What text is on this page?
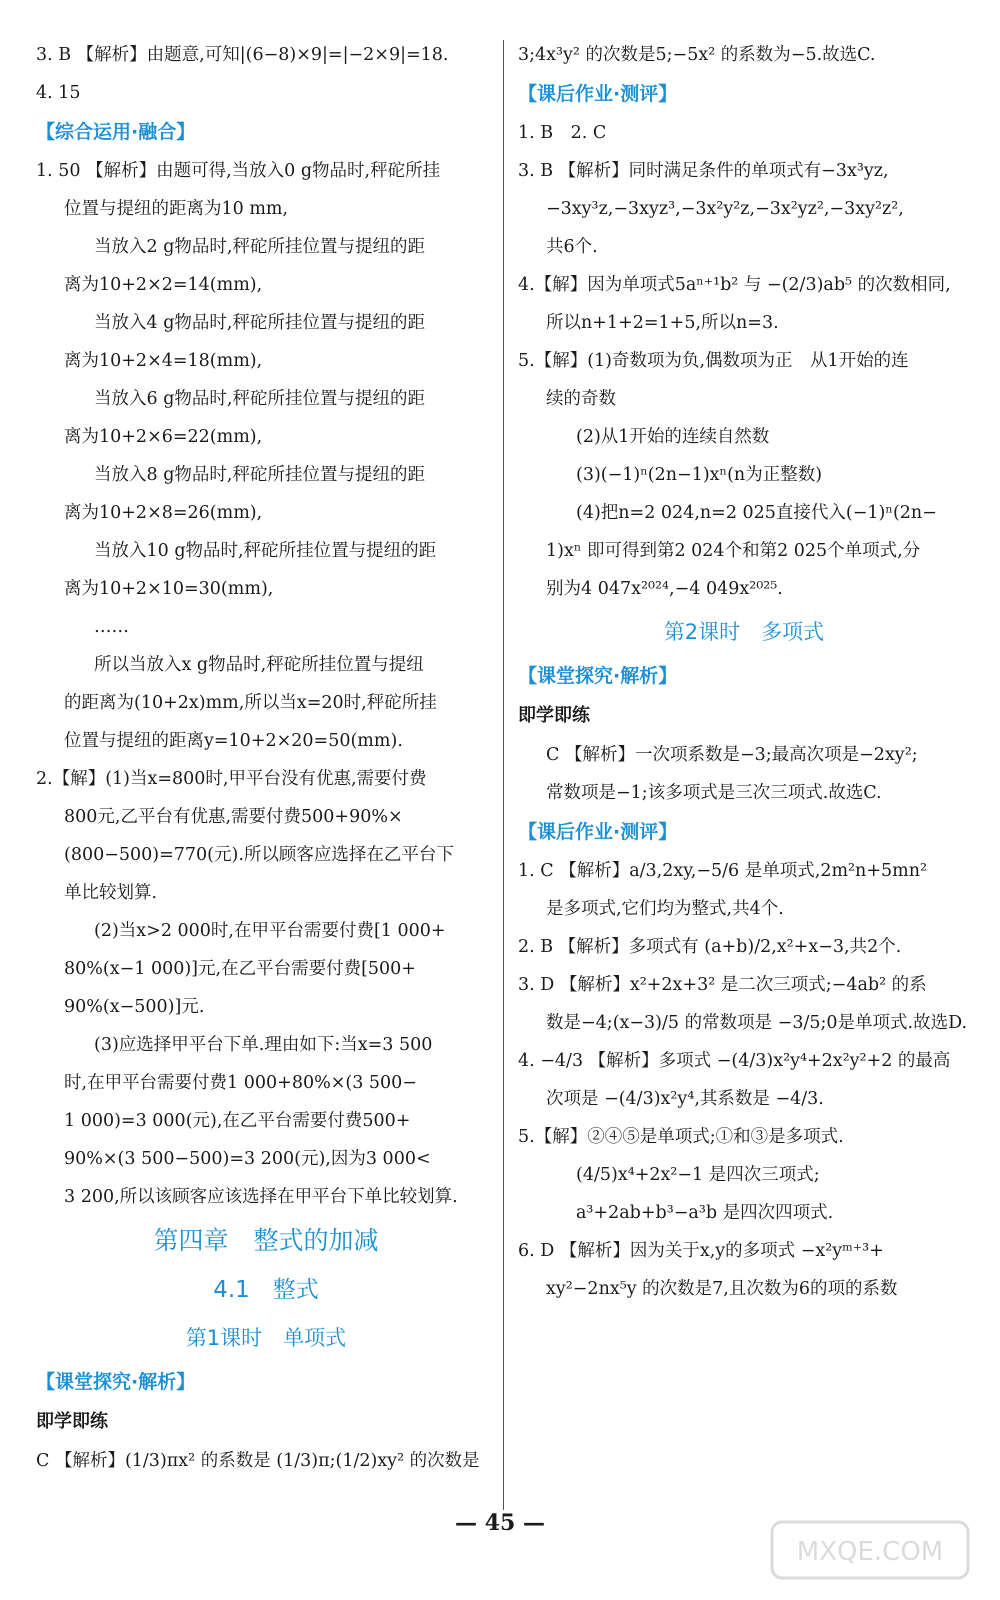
3. B 【解析】由题意,可知|(6−8)×9|=|−2×9|=18.
4. 15
【综合运用·融合】
1. 50 【解析】由题可得,当放入0 g物品时,秤砣所挂
位置与提纽的距离为10 mm,
当放入2 g物品时,秤砣所挂位置与提纽的距
离为10+2×2=14(mm),
当放入4 g物品时,秤砣所挂位置与提纽的距
离为10+2×4=18(mm),
当放入6 g物品时,秤砣所挂位置与提纽的距
离为10+2×6=22(mm),
当放入8 g物品时,秤砣所挂位置与提纽的距
离为10+2×8=26(mm),
当放入10 g物品时,秤砣所挂位置与提纽的距
离为10+2×10=30(mm),
……
所以当放入x g物品时,秤砣所挂位置与提纽
的距离为(10+2x)mm,所以当x=20时,秤砣所挂
位置与提纽的距离y=10+2×20=50(mm).
2.【解】(1)当x=800时,甲平台没有优惠,需要付费
800元,乙平台有优惠,需要付费500+90%×
(800−500)=770(元).所以顾客应选择在乙平台下
单比较划算.
(2)当x>2 000时,在甲平台需要付费[1 000+
80%(x−1 000)]元,在乙平台需要付费[500+
90%(x−500)]元.
(3)应选择甲平台下单.理由如下:当x=3 500
时,在甲平台需要付费1 000+80%×(3 500−
1 000)=3 000(元),在乙平台需要付费500+
90%×(3 500−500)=3 200(元),因为3 000<
3 200,所以该顾客应该选择在甲平台下单比较划算.
第四章　整式的加减
4.1　整式
第1课时　单项式
【课堂探究·解析】
即学即练
C 【解析】(1/3)πx² 的系数是 (1/3)π;(1/2)xy² 的次数是
3;4x³y² 的次数是5;−5x² 的系数为−5.故选C.
【课后作业·测评】
1. B　2. C
3. B 【解析】同时满足条件的单项式有−3x³yz,
−3xy³z,−3xyz³,−3x²y²z,−3x²yz²,−3xy²z²,
共6个.
4.【解】因为单项式5aⁿ⁺¹b² 与 −(2/3)ab⁵ 的次数相同,
所以n+1+2=1+5,所以n=3.
5.【解】(1)奇数项为负,偶数项为正　从1开始的连
续的奇数
(2)从1开始的连续自然数
(3)(−1)ⁿ(2n−1)xⁿ(n为正整数)
(4)把n=2 024,n=2 025直接代入(−1)ⁿ(2n−
1)xⁿ 即可得到第2 024个和第2 025个单项式,分
别为4 047x²⁰²⁴,−4 049x²⁰²⁵.
第2课时　多项式
【课堂探究·解析】
即学即练
C 【解析】一次项系数是−3;最高次项是−2xy²;
常数项是−1;该多项式是三次三项式.故选C.
【课后作业·测评】
1. C 【解析】a/3,2xy,−5/6 是单项式,2m²n+5mn²
是多项式,它们均为整式,共4个.
2. B 【解析】多项式有 (a+b)/2,x²+x−3,共2个.
3. D 【解析】x²+2x+3² 是二次三项式;−4ab² 的系
数是−4;(x−3)/5 的常数项是 −3/5;0是单项式.故选D.
4. −4/3 【解析】多项式 −(4/3)x²y⁴+2x²y²+2 的最高
次项是 −(4/3)x²y⁴,其系数是 −4/3.
5.【解】②④⑤是单项式;①和③是多项式.
(4/5)x⁴+2x²−1 是四次三项式;
a³+2ab+b³−a³b 是四次四项式.
6. D 【解析】因为关于x,y的多项式 −x²yᵐ⁺³+
xy²−2nx⁵y 的次数是7,且次数为6的项的系数
— 45 —
MXQE.COM
